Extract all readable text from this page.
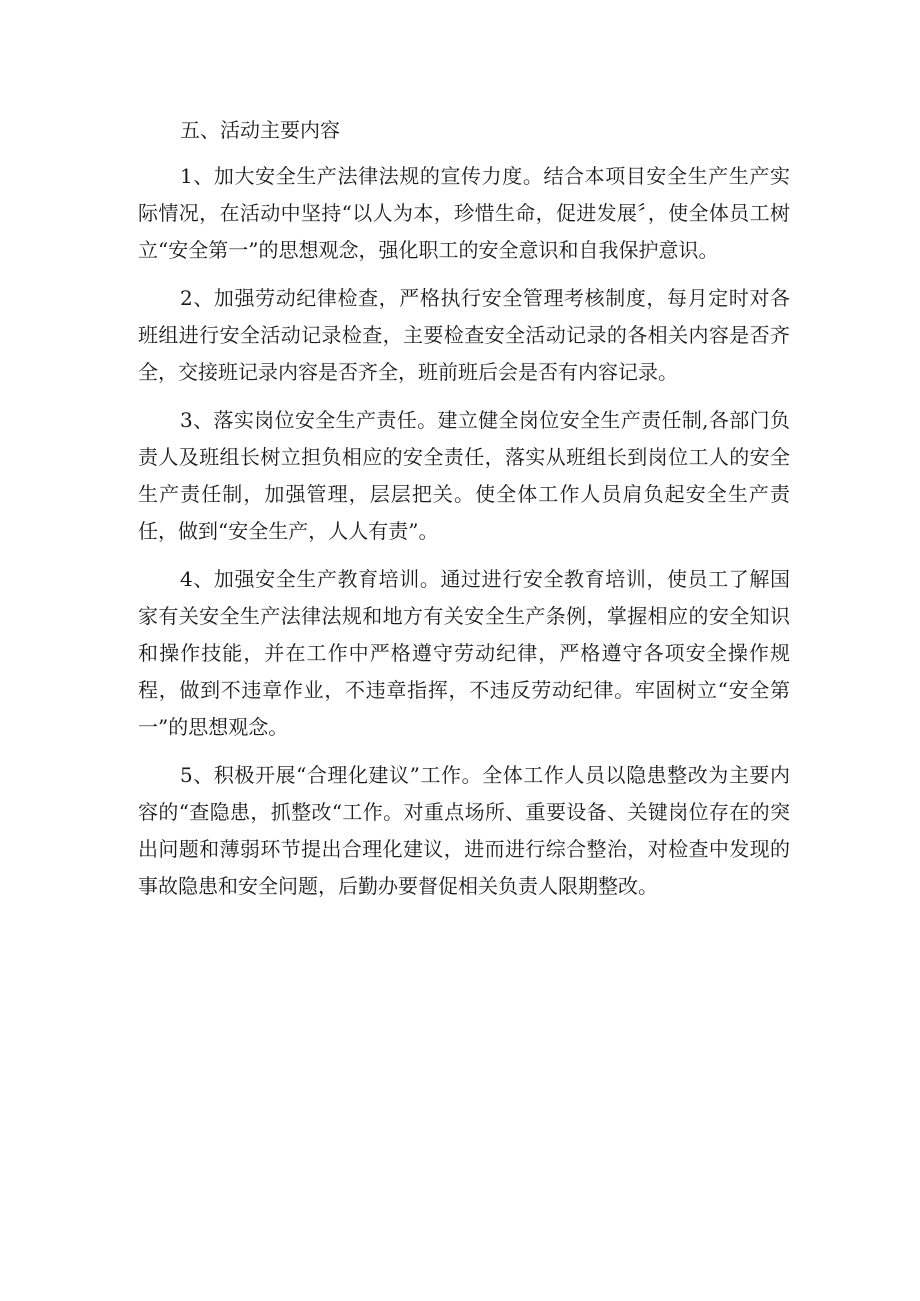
五、活动主要内容

1、加大安全生产法律法规的宣传力度。结合本项目安全生产生产实际情况，在活动中坚持“以人为本，珍惜生命，促进发展〞，使全体员工树立“安全第一”的思想观念，强化职工的安全意识和自我保护意识。

2、加强劳动纪律检查，严格执行安全管理考核制度，每月定时对各班组进行安全活动记录检查，主要检查安全活动记录的各相关内容是否齐全，交接班记录内容是否齐全，班前班后会是否有内容记录。

3、落实岗位安全生产责任。建立健全岗位安全生产责任制,各部门负责人及班组长树立担负相应的安全责任，落实从班组长到岗位工人的安全生产责任制，加强管理，层层把关。使全体工作人员肩负起安全生产责任，做到“安全生产，人人有责”。

4、加强安全生产教育培训。通过进行安全教育培训，使员工了解国家有关安全生产法律法规和地方有关安全生产条例，掌握相应的安全知识和操作技能，并在工作中严格遵守劳动纪律，严格遵守各项安全操作规程，做到不违章作业，不违章指挥，不违反劳动纪律。牢固树立“安全第一”的思想观念。

5、积极开展“合理化建议”工作。全体工作人员以隐患整改为主要内容的“查隐患，抓整改“工作。对重点场所、重要设备、关键岗位存在的突出问题和薄弱环节提出合理化建议，进而进行综合整治，对检查中发现的事故隐患和安全问题，后勤办要督促相关负责人限期整改。
